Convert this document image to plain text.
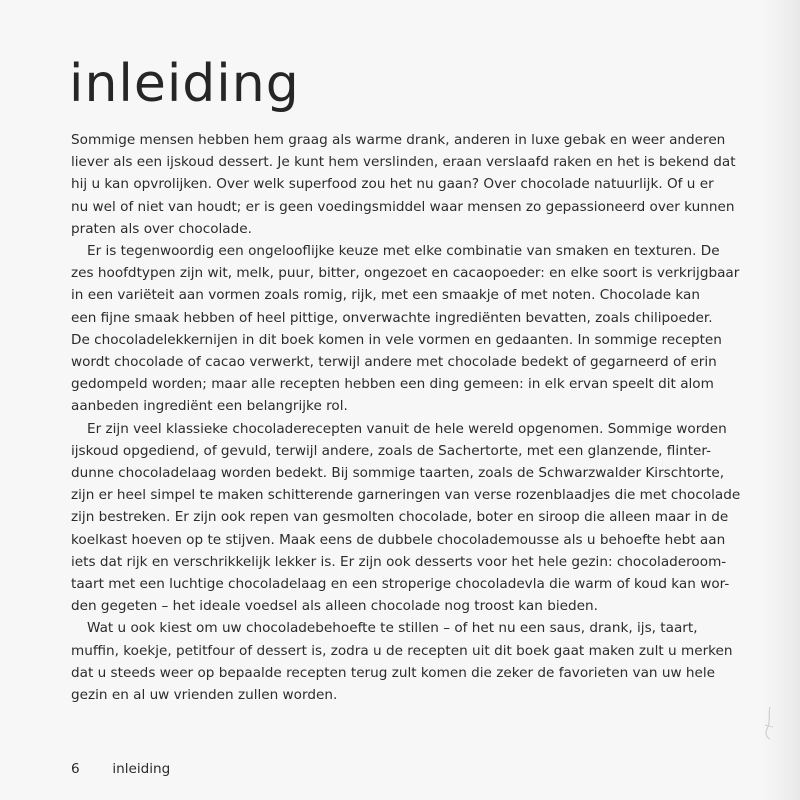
inleiding

Sommige mensen hebben hem graag als warme drank, anderen in luxe gebak en weer anderen
liever als een ijskoud dessert. Je kunt hem verslinden, eraan verslaafd raken en het is bekend dat
hij u kan opvrolijken. Over welk superfood zou het nu gaan? Over chocolade natuurlijk. Of u er
nu wel of niet van houdt; er is geen voedingsmiddel waar mensen zo gepassioneerd over kunnen
praten als over chocolade.

Er is tegenwoordig een ongelooflijke keuze met elke combinatie van smaken en texturen. De
zes hoofdtypen zijn wit, melk, puur, bitter, ongezoet en cacaopoeder: en elke soort is verkrijgbaar
in een variëteit aan vormen zoals romig, rijk, met een smaakje of met noten. Chocolade kan
een fijne smaak hebben of heel pittige, onverwachte ingrediënten bevatten, zoals chilipoeder.
De chocoladelekkernijen in dit boek komen in vele vormen en gedaanten. In sommige recepten
wordt chocolade of cacao verwerkt, terwijl andere met chocolade bedekt of gegarneerd of erin
gedompeld worden; maar alle recepten hebben een ding gemeen: in elk ervan speelt dit alom
aanbeden ingrediënt een belangrijke rol.

Er zijn veel klassieke chocoladerecepten vanuit de hele wereld opgenomen. Sommige worden
ijskoud opgediend, of gevuld, terwijl andere, zoals de Sachertorte, met een glanzende, flinter-
dunne chocoladelaag worden bedekt. Bij sommige taarten, zoals de Schwarzwalder Kirschtorte,
zijn er heel simpel te maken schitterende garneringen van verse rozenblaadjes die met chocolade
zijn bestreken. Er zijn ook repen van gesmolten chocolade, boter en siroop die alleen maar in de
koelkast hoeven op te stijven. Maak eens de dubbele chocolademousse als u behoefte hebt aan
iets dat rijk en verschrikkelijk lekker is. Er zijn ook desserts voor het hele gezin: chocoladeroom-
taart met een luchtige chocoladelaag en een stroperige chocoladevla die warm of koud kan wor-
den gegeten – het ideale voedsel als alleen chocolade nog troost kan bieden.

Wat u ook kiest om uw chocoladebehoefte te stillen – of het nu een saus, drank, ijs, taart,
muffin, koekje, petitfour of dessert is, zodra u de recepten uit dit boek gaat maken zult u merken
dat u steeds weer op bepaalde recepten terug zult komen die zeker de favorieten van uw hele
gezin en al uw vrienden zullen worden.

6 inleiding
